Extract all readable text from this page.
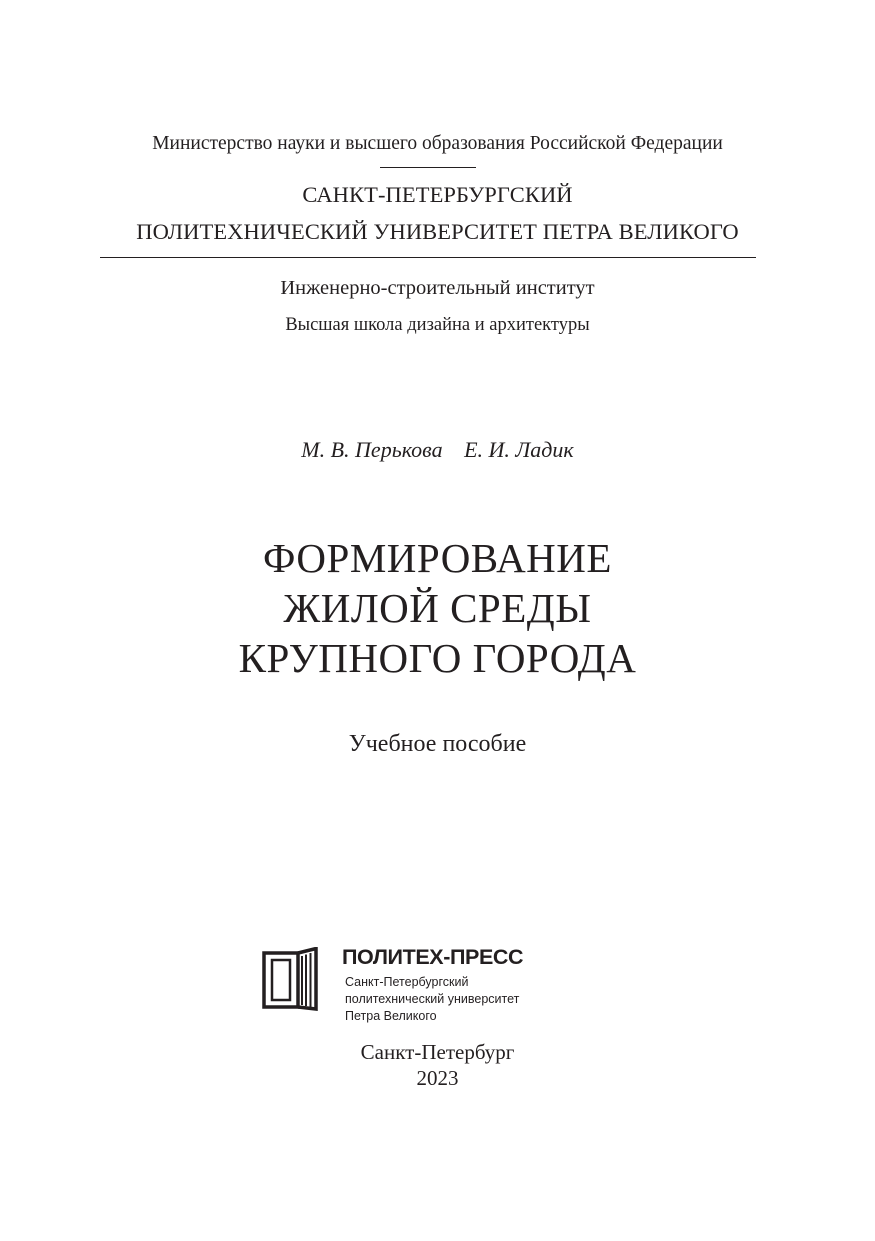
Министерство науки и высшего образования Российской Федерации
САНКТ-ПЕТЕРБУРГСКИЙ
ПОЛИТЕХНИЧЕСКИЙ УНИВЕРСИТЕТ ПЕТРА ВЕЛИКОГО
Инженерно-строительный институт
Высшая школа дизайна и архитектуры
М. В. Перькова Е. И. Ладик
ФОРМИРОВАНИЕ
ЖИЛОЙ СРЕДЫ
КРУПНОГО ГОРОДА
Учебное пособие
ПОЛИТЕХ-ПРЕСС
Санкт-Петербургский
политехнический университет
Петра Великого
Санкт-Петербург
2023
